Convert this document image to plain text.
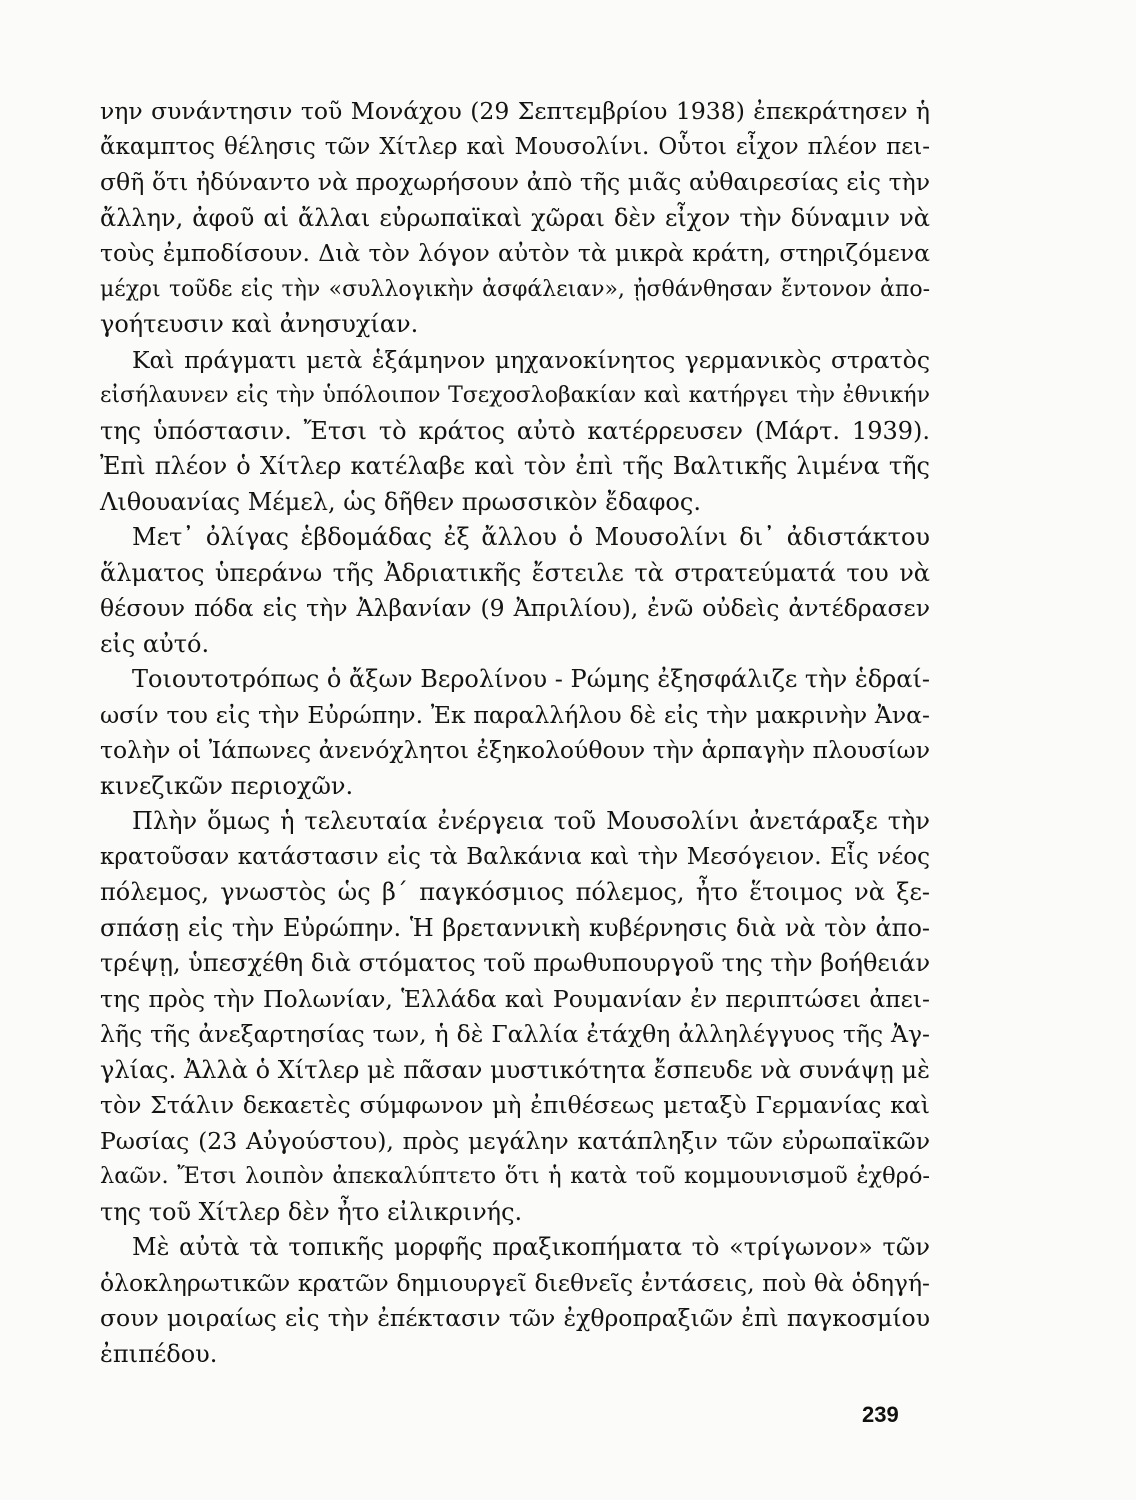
νην συνάντησιν τοῦ Μονάχου (29 Σεπτεμβρίου 1938) ἐπεκράτησεν ἡ
ἄκαμπτος θέλησις τῶν Χίτλερ καὶ Μουσολίνι. Οὗτοι εἶχον πλέον πει-
σθῆ ὅτι ἠδύναντο νὰ προχωρήσουν ἀπὸ τῆς μιᾶς αὐθαιρεσίας εἰς τὴν
ἄλλην, ἀφοῦ αἱ ἄλλαι εὐρωπαϊκαὶ χῶραι δὲν εἶχον τὴν δύναμιν νὰ
τοὺς ἐμποδίσουν. Διὰ τὸν λόγον αὐτὸν τὰ μικρὰ κράτη, στηριζόμενα
μέχρι τοῦδε εἰς τὴν «συλλογικὴν ἀσφάλειαν», ᾐσθάνθησαν ἔντονον ἀπο-
γοήτευσιν καὶ ἀνησυχίαν.
Καὶ πράγματι μετὰ ἑξάμηνον μηχανοκίνητος γερμανικὸς στρατὸς
εἰσήλαυνεν εἰς τὴν ὑπόλοιπον Τσεχοσλοβακίαν καὶ κατήργει τὴν ἐθνικήν
της ὑπόστασιν. Ἔτσι τὸ κράτος αὐτὸ κατέρρευσεν (Μάρτ. 1939).
Ἐπὶ πλέον ὁ Χίτλερ κατέλαβε καὶ τὸν ἐπὶ τῆς Βαλτικῆς λιμένα τῆς
Λιθουανίας Μέμελ, ὡς δῆθεν πρωσσικὸν ἔδαφος.
Μετ᾿ ὀλίγας ἑβδομάδας ἐξ ἄλλου ὁ Μουσολίνι δι᾿ ἀδιστάκτου
ἅλματος ὑπεράνω τῆς Ἀδριατικῆς ἔστειλε τὰ στρατεύματά του νὰ
θέσουν πόδα εἰς τὴν Ἀλβανίαν (9 Ἀπριλίου), ἐνῶ οὐδεὶς ἀντέδρασεν
εἰς αὐτό.
Τοιουτοτρόπως ὁ ἄξων Βερολίνου - Ρώμης ἐξησφάλιζε τὴν ἑδραί-
ωσίν του εἰς τὴν Εὐρώπην. Ἐκ παραλλήλου δὲ εἰς τὴν μακρινὴν Ἀνα-
τολὴν οἱ Ἰάπωνες ἀνενόχλητοι ἐξηκολούθουν τὴν ἁρπαγὴν πλουσίων
κινεζικῶν περιοχῶν.
Πλὴν ὅμως ἡ τελευταία ἐνέργεια τοῦ Μουσολίνι ἀνετάραξε τὴν
κρατοῦσαν κατάστασιν εἰς τὰ Βαλκάνια καὶ τὴν Μεσόγειον. Εἷς νέος
πόλεμος, γνωστὸς ὡς β΄ παγκόσμιος πόλεμος, ἦτο ἕτοιμος νὰ ξε-
σπάσῃ εἰς τὴν Εὐρώπην. Ἡ βρεταννικὴ κυβέρνησις διὰ νὰ τὸν ἀπο-
τρέψῃ, ὑπεσχέθη διὰ στόματος τοῦ πρωθυπουργοῦ της τὴν βοήθειάν
της πρὸς τὴν Πολωνίαν, Ἑλλάδα καὶ Ρουμανίαν ἐν περιπτώσει ἀπει-
λῆς τῆς ἀνεξαρτησίας των, ἡ δὲ Γαλλία ἐτάχθη ἀλληλέγγυος τῆς Ἀγ-
γλίας. Ἀλλὰ ὁ Χίτλερ μὲ πᾶσαν μυστικότητα ἔσπευδε νὰ συνάψῃ μὲ
τὸν Στάλιν δεκαετὲς σύμφωνον μὴ ἐπιθέσεως μεταξὺ Γερμανίας καὶ
Ρωσίας (23 Αὐγούστου), πρὸς μεγάλην κατάπληξιν τῶν εὐρωπαϊκῶν
λαῶν. Ἔτσι λοιπὸν ἀπεκαλύπτετο ὅτι ἡ κατὰ τοῦ κομμουνισμοῦ ἐχθρό-
της τοῦ Χίτλερ δὲν ἦτο εἰλικρινής.
Μὲ αὐτὰ τὰ τοπικῆς μορφῆς πραξικοπήματα τὸ «τρίγωνον» τῶν
ὁλοκληρωτικῶν κρατῶν δημιουργεῖ διεθνεῖς ἐντάσεις, ποὺ θὰ ὁδηγή-
σουν μοιραίως εἰς τὴν ἐπέκτασιν τῶν ἐχθροπραξιῶν ἐπὶ παγκοσμίου
ἐπιπέδου.
239
